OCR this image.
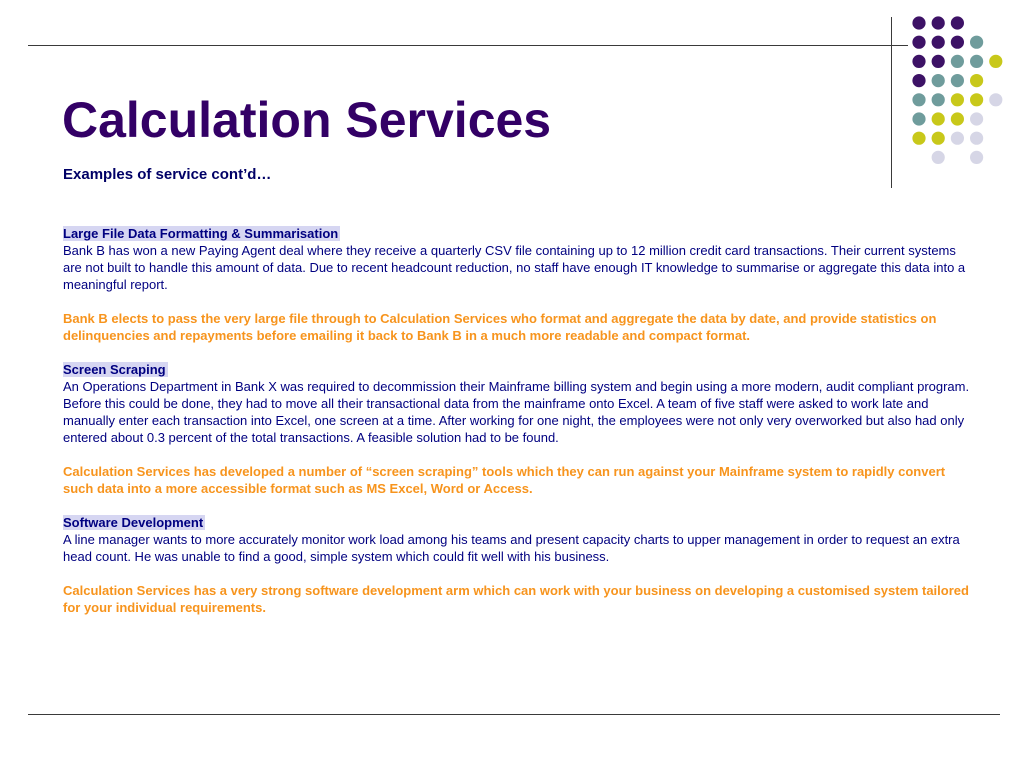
Calculation Services
Examples of service cont’d…

Large File Data Formatting & Summarisation

Bank B has won a new Paying Agent deal where they receive a quarterly CSV file containing up to 12 million credit card transactions. Their current systems are not built to handle this amount of data. Due to recent headcount reduction, no staff have enough IT knowledge to summarise or aggregate this data into a meaningful report.

Bank B elects to pass the very large file through to Calculation Services who format and aggregate the data by date, and provide statistics on delinquencies and repayments before emailing it back to Bank B in a much more readable and compact format.

Screen Scraping

An Operations Department in Bank X was required to decommission their Mainframe billing system and begin using a more modern, audit compliant program. Before this could be done, they had to move all their transactional data from the mainframe onto Excel. A team of five staff were asked to work late and manually enter each transaction into Excel, one screen at a time. After working for one night, the employees were not only very overworked but also had only entered about 0.3 percent of the total transactions. A feasible solution had to be found.

Calculation Services has developed a number of “screen scraping” tools which they can run against your Mainframe system to rapidly convert such data into a more accessible format such as MS Excel, Word or Access.

Software Development

A line manager wants to more accurately monitor work load among his teams and present capacity charts to upper management in order to request an extra head count. He was unable to find a good, simple system which could fit well with his business.

Calculation Services has a very strong software development arm which can work with your business on developing a customised system tailored for your individual requirements.
